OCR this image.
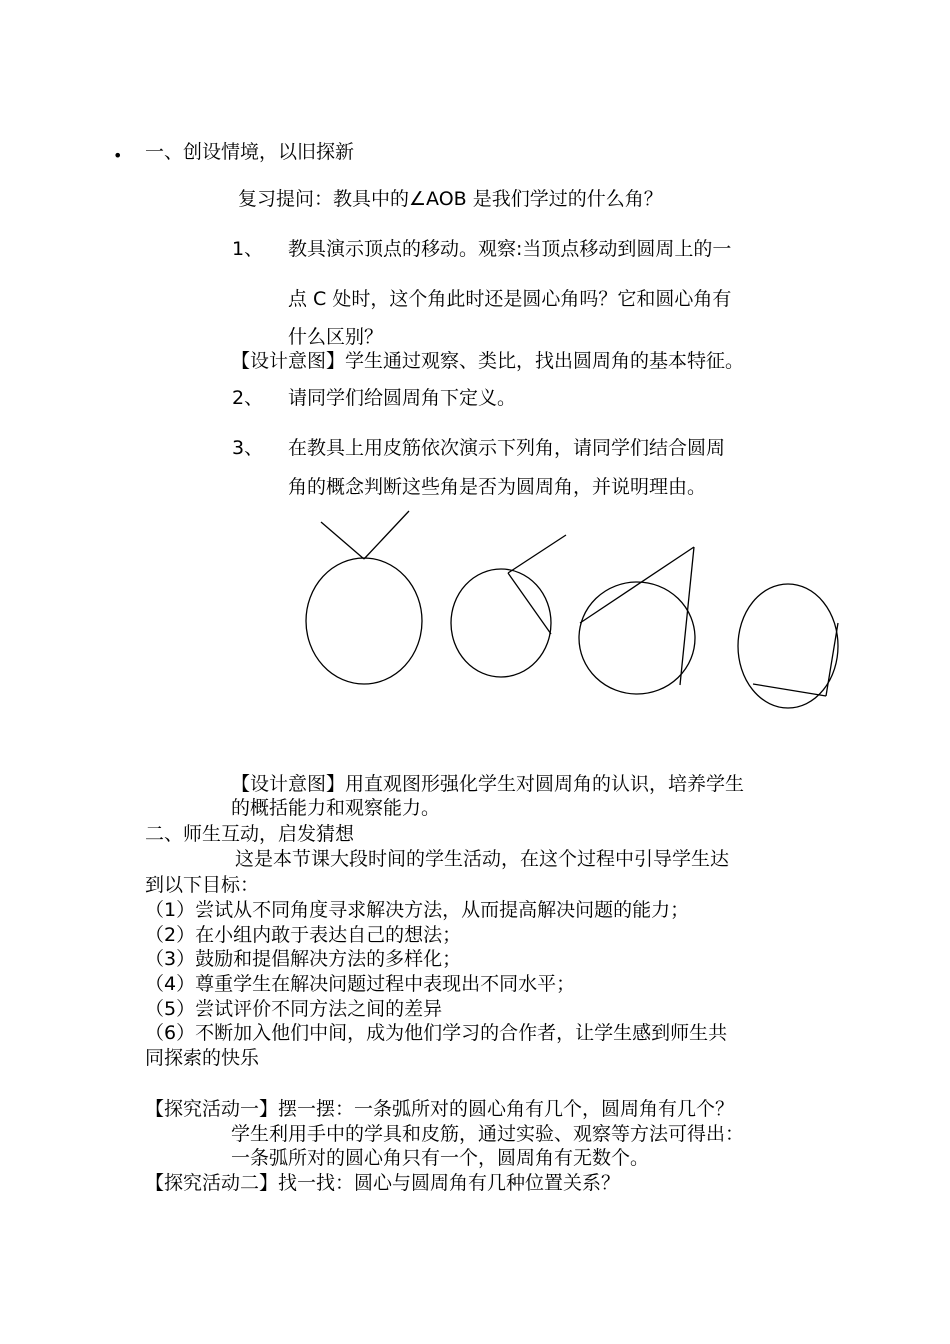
• 一、创设情境，以旧探新
复习提问：教具中的∠AOB 是我们学过的什么角？
1、 教具演示顶点的移动。观察:当顶点移动到圆周上的一
点 C 处时，这个角此时还是圆心角吗？它和圆心角有
什么区别？
【设计意图】学生通过观察、类比，找出圆周角的基本特征。
2、 请同学们给圆周角下定义。
3、 在教具上用皮筋依次演示下列角，请同学们结合圆周
角的概念判断这些角是否为圆周角，并说明理由。
【设计意图】用直观图形强化学生对圆周角的认识，培养学生
的概括能力和观察能力。
二、师生互动，启发猜想
这是本节课大段时间的学生活动，在这个过程中引导学生达
到以下目标：
（1）尝试从不同角度寻求解决方法，从而提高解决问题的能力；
（2）在小组内敢于表达自己的想法；
（3）鼓励和提倡解决方法的多样化；
（4）尊重学生在解决问题过程中表现出不同水平；
（5）尝试评价不同方法之间的差异
（6）不断加入他们中间，成为他们学习的合作者，让学生感到师生共
同探索的快乐
【探究活动一】摆一摆：一条弧所对的圆心角有几个，圆周角有几个？
学生利用手中的学具和皮筋，通过实验、观察等方法可得出：
一条弧所对的圆心角只有一个，圆周角有无数个。
【探究活动二】找一找：圆心与圆周角有几种位置关系？
